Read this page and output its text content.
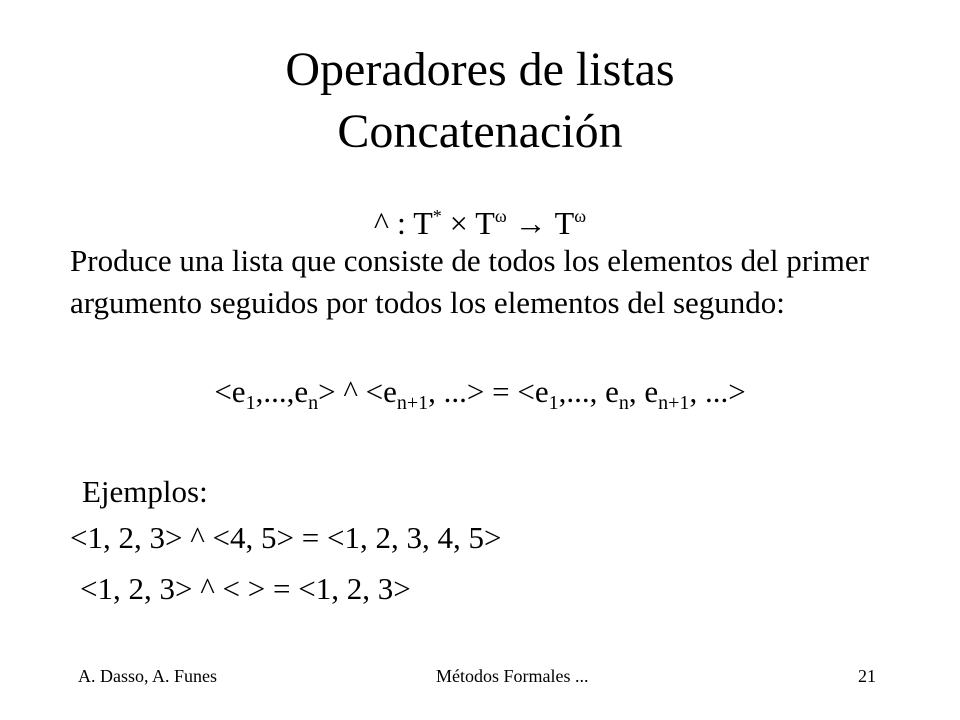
Operadores de listas
Concatenación
^ : $T^* \times T^\omega \to T^\omega$
Produce una lista que consiste de todos los elementos del primer argumento seguidos por todos los elementos del segundo:
$<e_1,...,e_n>$ ^ $<e_{n+1}$, ...> = $<e_1$,..., $e_n$, $e_{n+1}$, ...>
Ejemplos:
<1, 2, 3> ^ <4, 5> = <1, 2, 3, 4, 5>
<1, 2, 3> ^ < > = <1, 2, 3>
A. Dasso, A. Funes	Métodos Formales ...	21
